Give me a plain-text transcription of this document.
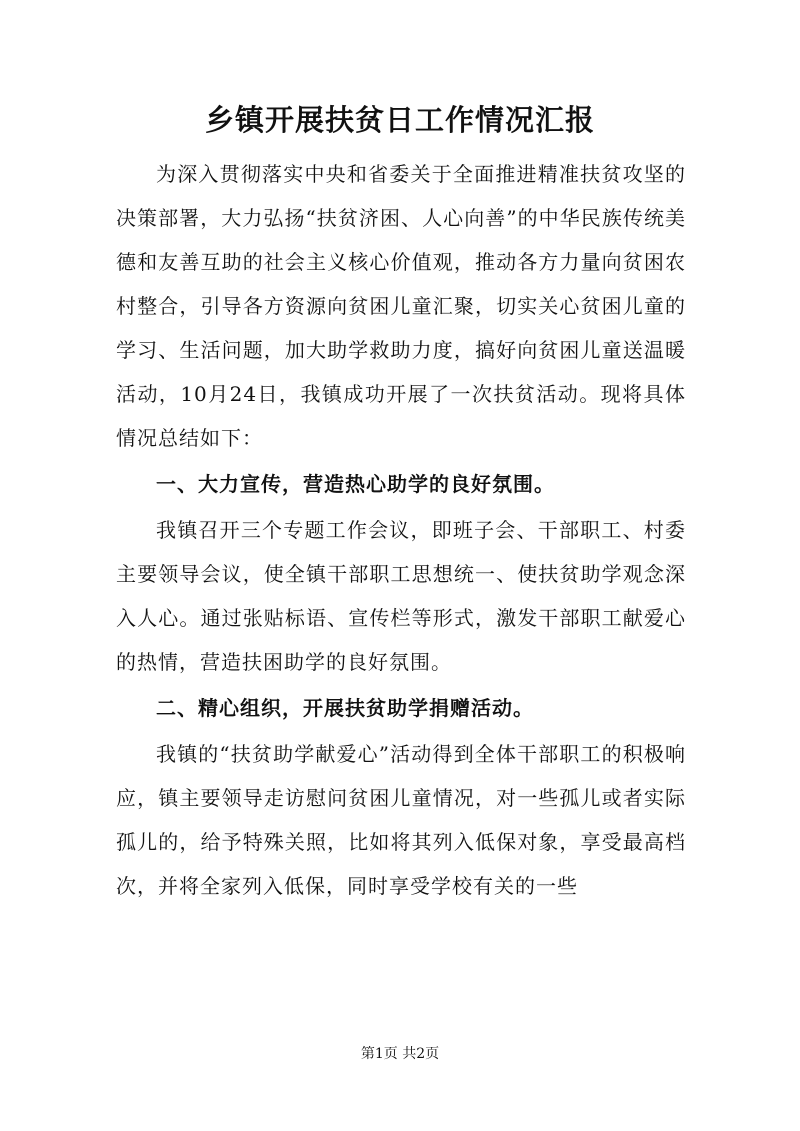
乡镇开展扶贫日工作情况汇报

为深入贯彻落实中央和省委关于全面推进精准扶贫攻坚的决策部署，大力弘扬“扶贫济困、人心向善”的中华民族传统美德和友善互助的社会主义核心价值观，推动各方力量向贫困农村整合，引导各方资源向贫困儿童汇聚，切实关心贫困儿童的学习、生活问题，加大助学救助力度，搞好向贫困儿童送温暖活动，10月24日，我镇成功开展了一次扶贫活动。现将具体情况总结如下：

一、大力宣传，营造热心助学的良好氛围。

我镇召开三个专题工作会议，即班子会、干部职工、村委主要领导会议，使全镇干部职工思想统一、使扶贫助学观念深入人心。通过张贴标语、宣传栏等形式，激发干部职工献爱心的热情，营造扶困助学的良好氛围。

二、精心组织，开展扶贫助学捐赠活动。

我镇的“扶贫助学献爱心”活动得到全体干部职工的积极响应，镇主要领导走访慰问贫困儿童情况，对一些孤儿或者实际孤儿的，给予特殊关照，比如将其列入低保对象，享受最高档次，并将全家列入低保，同时享受学校有关的一些

第1页 共2页
